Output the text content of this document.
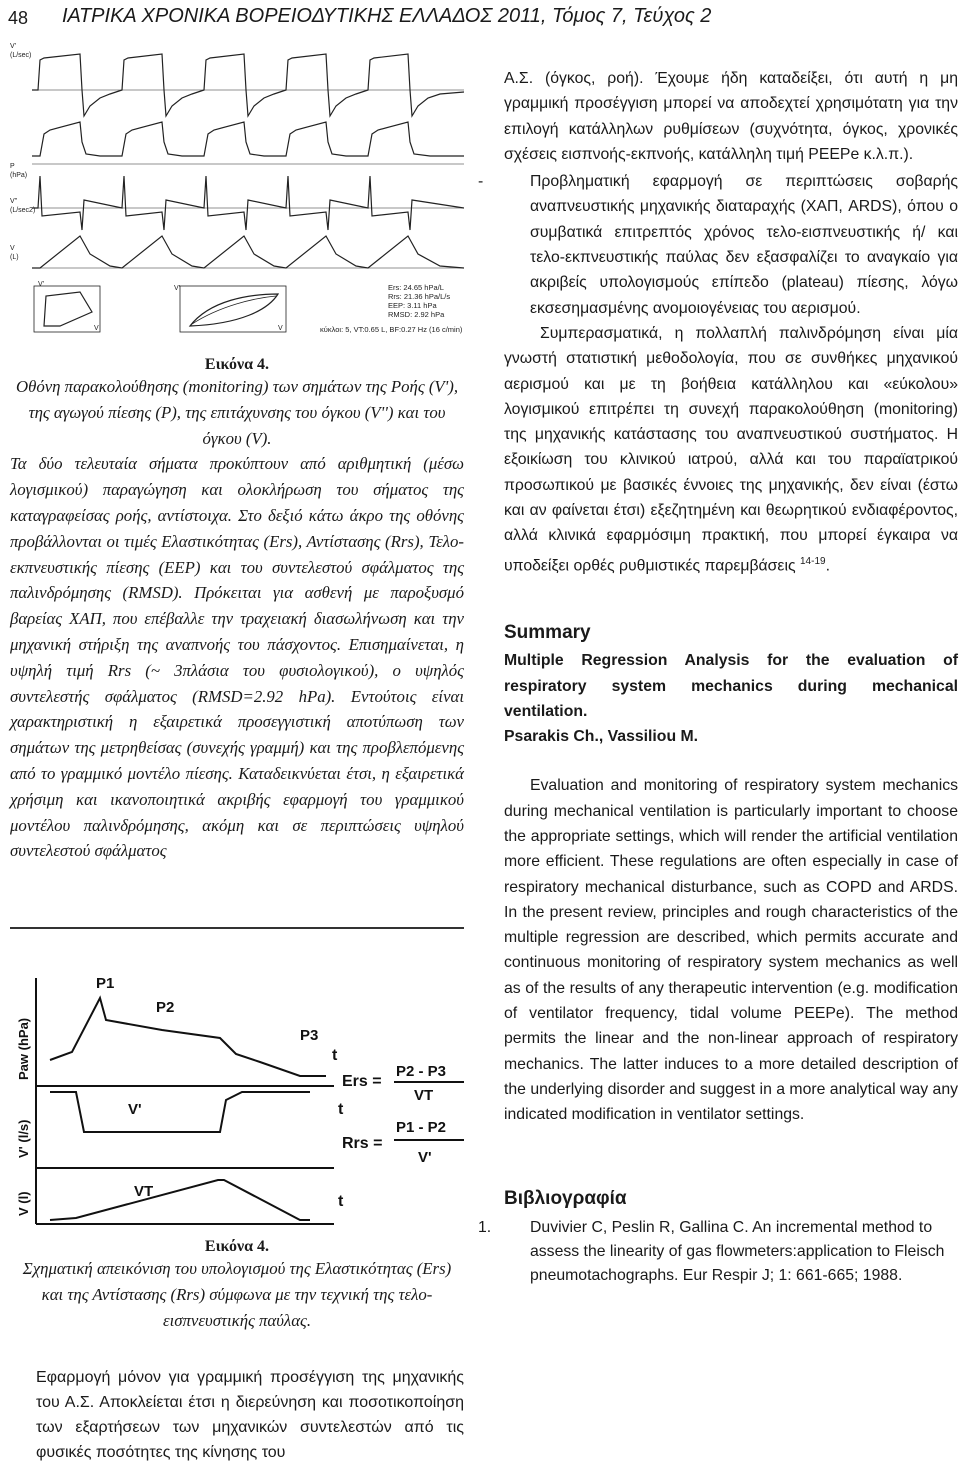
48 ΙΑΤΡΙΚΑ ΧΡΟΝΙΚΑ ΒΟΡΕΙΟΔΥΤΙΚΗΣ ΕΛΛΑΔΟΣ 2011, Τόμος 7, Τεύχος 2
V'
(L/sec)
P
(hPa)
V''
(L/sec2)
V
(L)
V'
V
V'
V
Ers: 24.65 hPa/L
Rrs: 21.36 hPa/L/s
EEP: 3.11 hPa
RMSD: 2.92 hPa
κύκλοι: 5, VT:0.65 L, BF:0.27 Hz (16 c/min)
Εικόνα 4.

Οθόνη παρακολούθησης (monitoring) των σημάτων της Ροής (V'), της αγωγού πίεσης (P), της επιτάχυνσης του όγκου (V'') και του όγκου (V).

Τα δύο τελευταία σήματα προκύπτουν από αριθμητική (μέσω λογισμικού) παραγώγηση και ολοκλήρωση του σήματος της καταγραφείσας ροής, αντίστοιχα. Στο δεξιό κάτω άκρο της οθόνης προβάλλονται οι τιμές Ελαστικότητας (Ers), Αντίστασης (Rrs), Τελο-εκπνευστικής πίεσης (EEP) και του συντελεστού σφάλματος της παλινδρόμησης (RMSD). Πρόκειται για ασθενή με παροξυσμό βαρείας ΧΑΠ, που επέβαλλε την τραχειακή διασωλήνωση και την μηχανική στήριξη της αναπνοής του πάσχοντος. Επισημαίνεται, η υψηλή τιμή Rrs (~ 3πλάσια του φυσιολογικού), ο υψηλός συντελεστής σφάλματος (RMSD=2.92 hPa). Εντούτοις είναι χαρακτηριστική η εξαιρετικά προσεγγιστική αποτύπωση των σημάτων της μετρηθείσας (συνεχής γραμμή) και της προβλεπόμενης από το γραμμικό μοντέλο πίεσης. Καταδεικνύεται έτσι, η εξαιρετικά χρήσιμη και ικανοποιητικά ακριβής εφαρμογή του γραμμικού μοντέλου παλινδρόμησης, ακόμη και σε περιπτώσεις υψηλού συντελεστού σφάλματος

Paw (hPa)
V' (l/s)
V (l)
P1
P2
P3
V'
VT
t
t
t
Ers =
P2 - P3
VT
Rrs =
P1 - P2
V'
Εικόνα 4.

Σχηματική απεικόνιση του υπολογισμού της Ελαστικότητας (Ers) και της Αντίστασης (Rrs) σύμφωνα με την τεχνική της τελο-εισπνευστικής παύλας.

Εφαρμογή μόνον για γραμμική προσέγγιση της μηχανικής του Α.Σ. Αποκλείεται έτσι η διερεύνηση και ποσοτικοποίηση των εξαρτήσεων των μηχανικών συντελεστών από τις φυσικές ποσότητες της κίνησης του

Α.Σ. (όγκος, ροή). Έχουμε ήδη καταδείξει, ότι αυτή η μη γραμμική προσέγγιση μπορεί να αποδεχτεί χρησιμότατη για την επιλογή κατάλληλων ρυθμίσεων (συχνότητα, όγκος, χρονικές σχέσεις εισπνοής-εκπνοής, κατάλληλη τιμή PEEPe κ.λ.π.).

-	Προβληματική εφαρμογή σε περιπτώσεις σοβαρής αναπνευστικής μηχανικής διαταραχής (ΧΑΠ, ARDS), όπου ο συμβατικά επιτρεπτός χρόνος τελο-εισπνευστικής ή/ και τελο-εκπνευστικής παύλας δεν εξασφαλίζει το αναγκαίο για ακριβείς υπολογισμούς επίπεδο (plateau) πίεσης, λόγω εκσεσημασμένης ανομοιογένειας του αερισμού.

Συμπερασματικά, η πολλαπλή παλινδρόμηση είναι μία γνωστή στατιστική μεθοδολογία, που σε συνθήκες μηχανικού αερισμού και με τη βοήθεια κατάλληλου και «εύκολου» λογισμικού επιτρέπει τη συνεχή παρακολούθηση (monitoring) της μηχανικής κατάστασης του αναπνευστικού συστήματος. Η εξοικίωση του κλινικού ιατρού, αλλά και του παραϊατρικού προσωπικού με βασικές έννοιες της μηχανικής, δεν είναι (έστω και αν φαίνεται έτσι) εξεζητημένη και θεωρητικού ενδιαφέροντος, αλλά κλινικά εφαρμόσιμη πρακτική, που μπορεί έγκαιρα να υποδείξει ορθές ρυθμιστικές παρεμβάσεις $^{14-19}$.

Summary

Multiple Regression Analysis for the evaluation of respiratory system mechanics during mechanical ventilation.

Psarakis Ch., Vassiliou M.

Evaluation and monitoring of respiratory system mechanics during mechanical ventilation is particularly important to choose the appropriate settings, which will render the artificial ventilation more efficient. These regulations are often especially in case of respiratory mechanical disturbance, such as COPD and ARDS. In the present review, principles and rough characteristics of the multiple regression are described, which permits accurate and continuous monitoring of respiratory system mechanics as well as of the results of any therapeutic intervention (e.g. modification of ventilator frequency, tidal volume PEEPe). The method permits the linear and the non-linear approach of respiratory mechanics. The latter induces to a more detailed description of the underlying disorder and suggest in a more analytical way any indicated modification in ventilator settings.

Βιβλιογραφία

1. Duvivier C, Peslin R, Gallina C. An incremental method to assess the linearity of gas flowmeters:application to Fleisch pneumotachographs. Eur Respir J; 1: 661-665; 1988.
